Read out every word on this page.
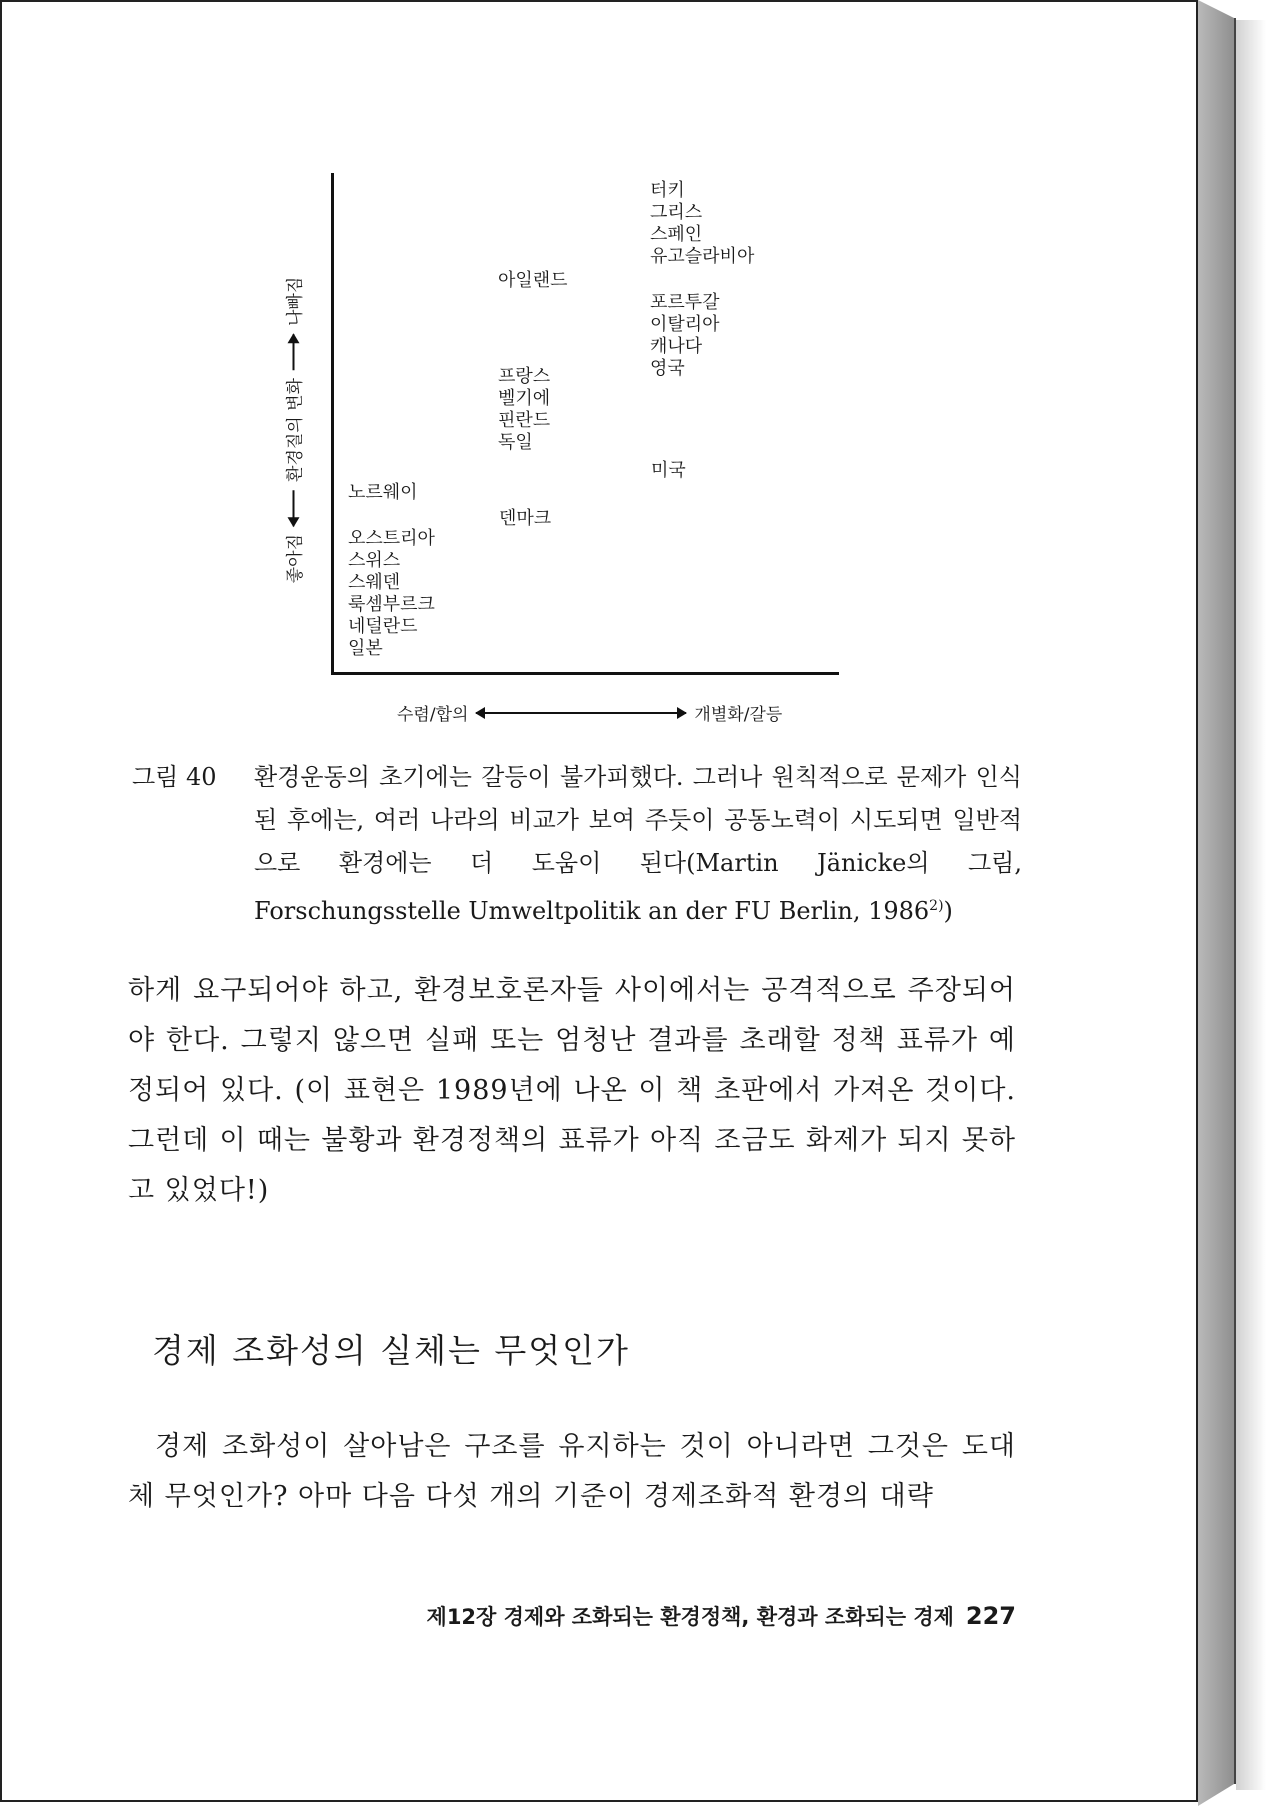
좋아짐
환경질의 변화
나빠짐
수렴/합의	개별화/갈등
터키
그리스
스페인
유고슬라비아
아일랜드
포르투갈
이탈리아
캐나다
영국
프랑스
벨기에
핀란드
독일
미국
노르웨이
덴마크
오스트리아
스위스
스웨덴
룩셈부르크
네덜란드
일본
그림 40 환경운동의 초기에는 갈등이 불가피했다. 그러나 원칙적으로 문제가 인식된 후에는, 여러 나라의 비교가 보여 주듯이 공동노력이 시도되면 일반적으로 환경에는 더 도움이 된다(Martin Jänicke의 그림, Forschungsstelle Umweltpolitik an der FU Berlin, 1986$^{2)}$)
하게 요구되어야 하고, 환경보호론자들 사이에서는 공격적으로 주장되어야 한다. 그렇지 않으면 실패 또는 엄청난 결과를 초래할 정책 표류가 예정되어 있다. (이 표현은 1989년에 나온 이 책 초판에서 가져온 것이다. 그런데 이 때는 불황과 환경정책의 표류가 아직 조금도 화제가 되지 못하고 있었다!)
경제 조화성의 실체는 무엇인가
경제 조화성이 살아남은 구조를 유지하는 것이 아니라면 그것은 도대체 무엇인가? 아마 다음 다섯 개의 기준이 경제조화적 환경의 대략
제12장 경제와 조화되는 환경정책, 환경과 조화되는 경제 227
